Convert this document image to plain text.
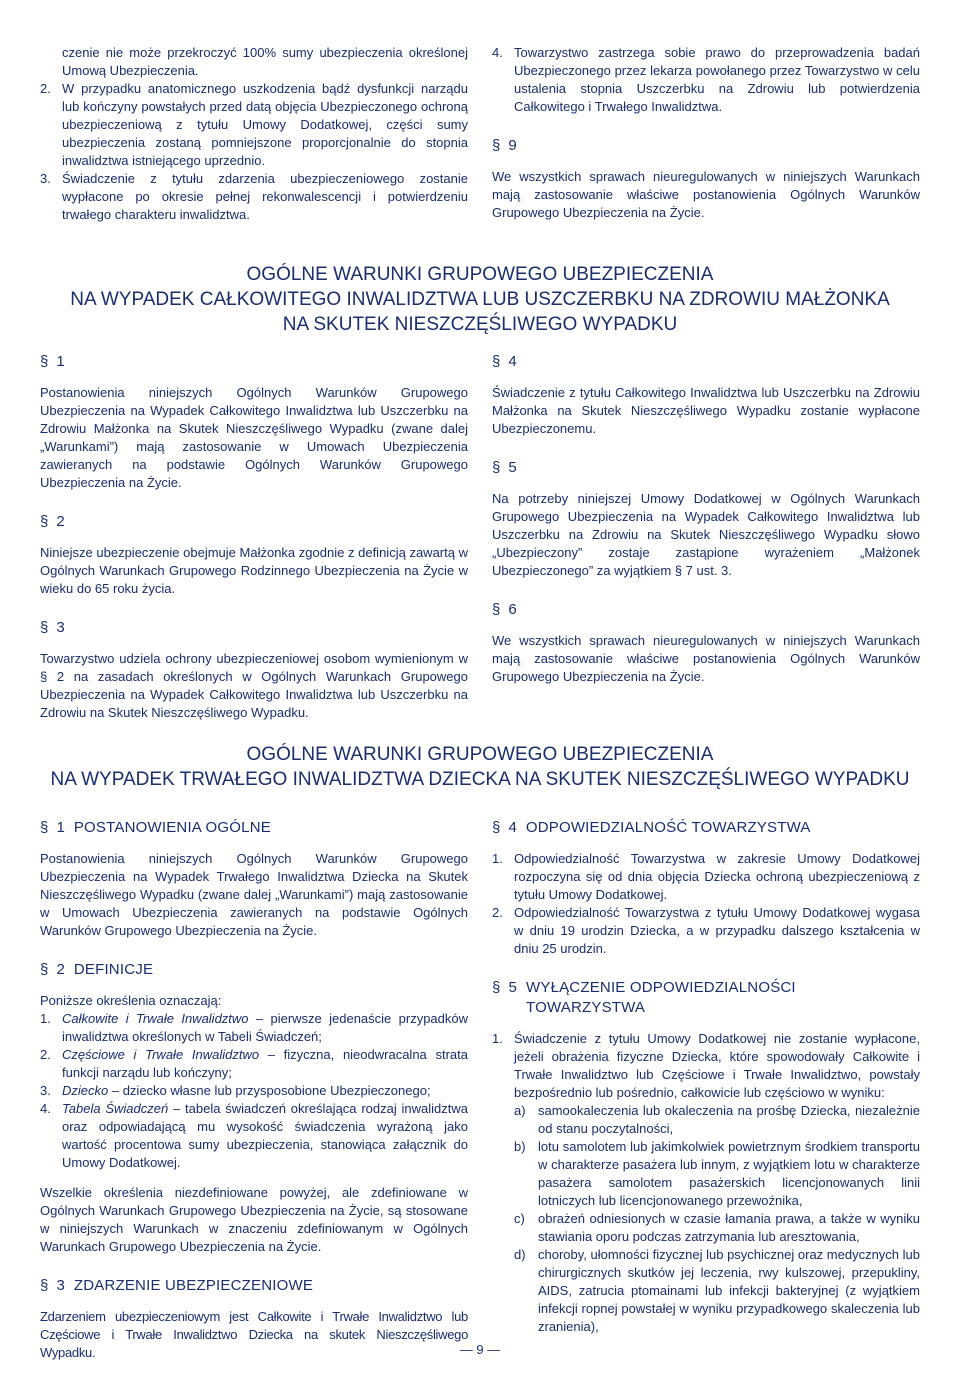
czenie nie może przekroczyć 100% sumy ubezpieczenia określonej Umową Ubezpieczenia.

2. W przypadku anatomicznego uszkodzenia bądź dysfunkcji narządu lub kończyny powstałych przed datą objęcia Ubezpieczonego ochroną ubezpieczeniową z tytułu Umowy Dodatkowej, części sumy ubezpieczenia zostaną pomniejszone proporcjonalnie do stopnia inwalidztwa istniejącego uprzednio.
3. Świadczenie z tytułu zdarzenia ubezpieczeniowego zostanie wypłacone po okresie pełnej rekonwalescencji i potwierdzeniu trwałego charakteru inwalidztwa.
4. Towarzystwo zastrzega sobie prawo do przeprowadzenia badań Ubezpieczonego przez lekarza powołanego przez Towarzystwo w celu ustalenia stopnia Uszczerbku na Zdrowiu lub potwierdzenia Całkowitego i Trwałego Inwalidztwa.
§ 9

We wszystkich sprawach nieuregulowanych w niniejszych Warunkach mają zastosowanie właściwe postanowienia Ogólnych Warunków Grupowego Ubezpieczenia na Życie.

OGÓLNE WARUNKI GRUPOWEGO UBEZPIECZENIA
NA WYPADEK CAŁKOWITEGO INWALIDZTWA LUB USZCZERBKU NA ZDROWIU MAŁŻONKA
NA SKUTEK NIESZCZĘŚLIWEGO WYPADKU
§ 1

Postanowienia niniejszych Ogólnych Warunków Grupowego Ubezpieczenia na Wypadek Całkowitego Inwalidztwa lub Uszczerbku na Zdrowiu Małżonka na Skutek Nieszczęśliwego Wypadku (zwane dalej „Warunkami”) mają zastosowanie w Umowach Ubezpieczenia zawieranych na podstawie Ogólnych Warunków Grupowego Ubezpieczenia na Życie.

§ 2

Niniejsze ubezpieczenie obejmuje Małżonka zgodnie z definicją zawartą w Ogólnych Warunkach Grupowego Rodzinnego Ubezpieczenia na Życie w wieku do 65 roku życia.

§ 3

Towarzystwo udziela ochrony ubezpieczeniowej osobom wymienionym w § 2 na zasadach określonych w Ogólnych Warunkach Grupowego Ubezpieczenia na Wypadek Całkowitego Inwalidztwa lub Uszczerbku na Zdrowiu na Skutek Nieszczęśliwego Wypadku.

§ 4

Świadczenie z tytułu Całkowitego Inwalidztwa lub Uszczerbku na Zdrowiu Małżonka na Skutek Nieszczęśliwego Wypadku zostanie wypłacone Ubezpieczonemu.

§ 5

Na potrzeby niniejszej Umowy Dodatkowej w Ogólnych Warunkach Grupowego Ubezpieczenia na Wypadek Całkowitego Inwalidztwa lub Uszczerbku na Zdrowiu na Skutek Nieszczęśliwego Wypadku słowo „Ubezpieczony” zostaje zastąpione wyrażeniem „Małżonek Ubezpieczonego” za wyjątkiem § 7 ust. 3.

§ 6

We wszystkich sprawach nieuregulowanych w niniejszych Warunkach mają zastosowanie właściwe postanowienia Ogólnych Warunków Grupowego Ubezpieczenia na Życie.

OGÓLNE WARUNKI GRUPOWEGO UBEZPIECZENIA
NA WYPADEK TRWAŁEGO INWALIDZTWA DZIECKA NA SKUTEK NIESZCZĘŚLIWEGO WYPADKU
§ 1 POSTANOWIENIA OGÓLNE

Postanowienia niniejszych Ogólnych Warunków Grupowego Ubezpieczenia na Wypadek Trwałego Inwalidztwa Dziecka na Skutek Nieszczęśliwego Wypadku (zwane dalej „Warunkami”) mają zastosowanie w Umowach Ubezpieczenia zawieranych na podstawie Ogólnych Warunków Grupowego Ubezpieczenia na Życie.

§ 2 DEFINICJE

Poniższe określenia oznaczają:

1. Całkowite i Trwałe Inwalidztwo – pierwsze jedenaście przypadków inwalidztwa określonych w Tabeli Świadczeń;
2. Częściowe i Trwałe Inwalidztwo – fizyczna, nieodwracalna strata funkcji narządu lub kończyny;
3. Dziecko – dziecko własne lub przysposobione Ubezpieczonego;
4. Tabela Świadczeń – tabela świadczeń określająca rodzaj inwalidztwa oraz odpowiadającą mu wysokość świadczenia wyrażoną jako wartość procentowa sumy ubezpieczenia, stanowiąca załącznik do Umowy Dodatkowej.

Wszelkie określenia niezdefiniowane powyżej, ale zdefiniowane w Ogólnych Warunkach Grupowego Ubezpieczenia na Życie, są stosowane w niniejszych Warunkach w znaczeniu zdefiniowanym w Ogólnych Warunkach Grupowego Ubezpieczenia na Życie.

§ 3 ZDARZENIE UBEZPIECZENIOWE

Zdarzeniem ubezpieczeniowym jest Całkowite i Trwałe Inwalidztwo lub Częściowe i Trwałe Inwalidztwo Dziecka na skutek Nieszczęśliwego Wypadku.

§ 4 ODPOWIEDZIALNOŚĆ TOWARZYSTWA
1. Odpowiedzialność Towarzystwa w zakresie Umowy Dodatkowej rozpoczyna się od dnia objęcia Dziecka ochroną ubezpieczeniową z tytułu Umowy Dodatkowej.
2. Odpowiedzialność Towarzystwa z tytułu Umowy Dodatkowej wygasa w dniu 19 urodzin Dziecka, a w przypadku dalszego kształcenia w dniu 25 urodzin.
§ 5 WYŁĄCZENIE ODPOWIEDZIALNOŚCI
TOWARZYSTWA
1. Świadczenie z tytułu Umowy Dodatkowej nie zostanie wypłacone, jeżeli obrażenia fizyczne Dziecka, które spowodowały Całkowite i Trwałe Inwalidztwo lub Częściowe i Trwałe Inwalidztwo, powstały bezpośrednio lub pośrednio, całkowicie lub częściowo w wyniku:
a) samookaleczenia lub okaleczenia na prośbę Dziecka, niezależnie od stanu poczytalności,
b) lotu samolotem lub jakimkolwiek powietrznym środkiem transportu w charakterze pasażera lub innym, z wyjątkiem lotu w charakterze pasażera samolotem pasażerskich licencjonowanych linii lotniczych lub licencjonowanego przewoźnika,
c) obrażeń odniesionych w czasie łamania prawa, a także w wyniku stawiania oporu podczas zatrzymania lub aresztowania,
d) choroby, ułomności fizycznej lub psychicznej oraz medycznych lub chirurgicznych skutków jej leczenia, rwy kulszowej, przepukliny, AIDS, zatrucia ptomainami lub infekcji bakteryjnej (z wyjątkiem infekcji ropnej powstałej w wyniku przypadkowego skaleczenia lub zranienia),
— 9 —
